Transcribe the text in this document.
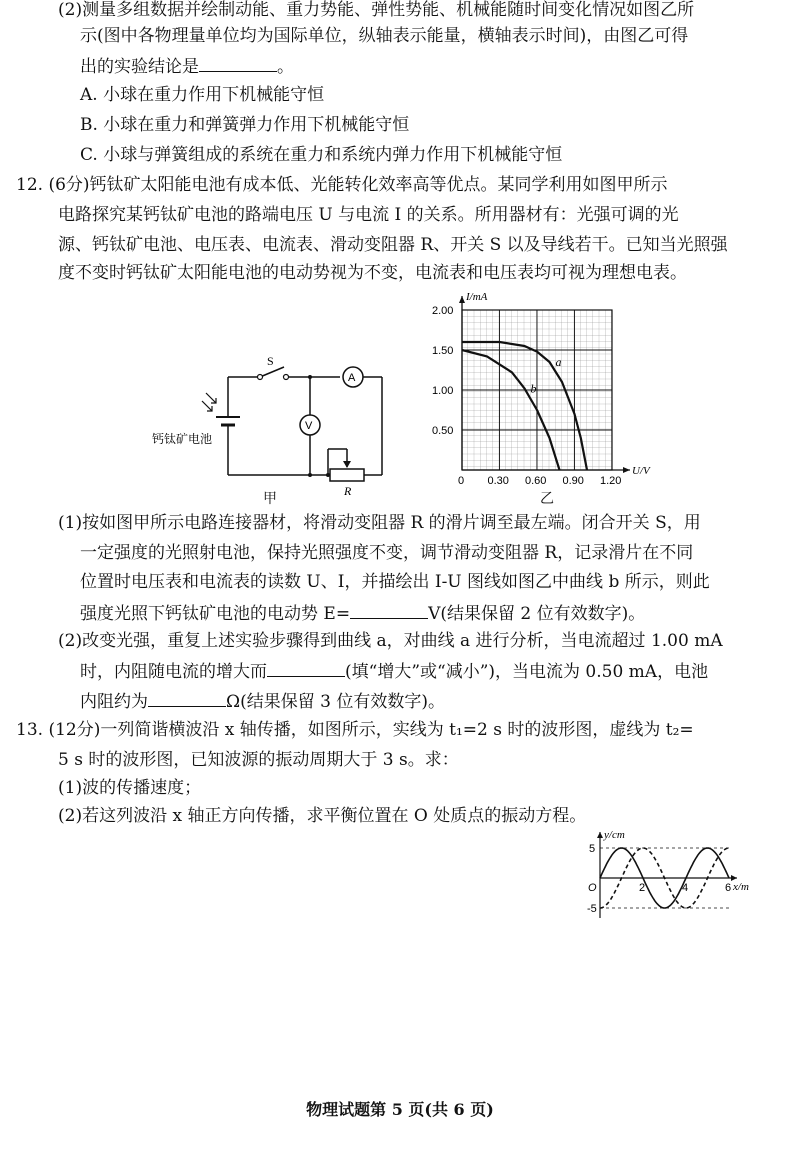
(2)测量多组数据并绘制动能、重力势能、弹性势能、机械能随时间变化情况如图乙所
示(图中各物理量单位均为国际单位，纵轴表示能量，横轴表示时间)，由图乙可得
出的实验结论是	。
A. 小球在重力作用下机械能守恒
B. 小球在重力和弹簧弹力作用下机械能守恒
C. 小球与弹簧组成的系统在重力和系统内弹力作用下机械能守恒
12. (6分)钙钛矿太阳能电池有成本低、光能转化效率高等优点。某同学利用如图甲所示
电路探究某钙钛矿电池的路端电压 U 与电流 I 的关系。所用器材有：光强可调的光
源、钙钛矿电池、电压表、电流表、滑动变阻器 R、开关 S 以及导线若干。已知当光照强
度不变时钙钛矿太阳能电池的电动势视为不变，电流表和电压表均可视为理想电表。
S
A
V
R
钙钛矿电池
甲
0 0.30 0.60 0.90 1.20
0.50
1.00
1.50
2.00
I/mA
U/V
a
b
乙
(1)按如图甲所示电路连接器材，将滑动变阻器 R 的滑片调至最左端。闭合开关 S，用
一定强度的光照射电池，保持光照强度不变，调节滑动变阻器 R，记录滑片在不同
位置时电压表和电流表的读数 U、I，并描绘出 I-U 图线如图乙中曲线 b 所示，则此
强度光照下钙钛矿电池的电动势 E=	V(结果保留 2 位有效数字)。
(2)改变光强，重复上述实验步骤得到曲线 a，对曲线 a 进行分析，当电流超过 1.00 mA
时，内阻随电流的增大而	(填“增大”或“减小”)，当电流为 0.50 mA，电池
内阻约为	Ω(结果保留 3 位有效数字)。
13. (12分)一列简谐横波沿 x 轴传播，如图所示，实线为 t₁=2 s 时的波形图，虚线为 t₂=
5 s 时的波形图，已知波源的振动周期大于 3 s。求：
(1)波的传播速度；
(2)若这列波沿 x 轴正方向传播，求平衡位置在 O 处质点的振动方程。
y/cm
x/m
5
-5
O	2	4	6
物理试题第 5 页(共 6 页)
